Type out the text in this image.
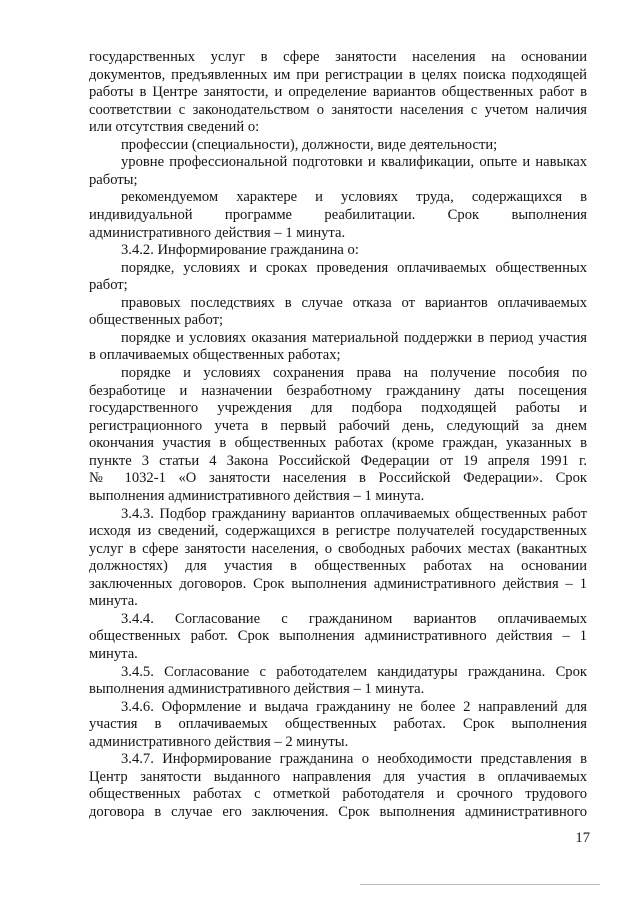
17
государственных услуг в сфере занятости населения на основании
документов, предъявленных им при регистрации в целях поиска подходящей
работы в Центре занятости, и определение вариантов общественных работ в
соответствии с законодательством о занятости населения с учетом наличия
или отсутствия сведений о:
профессии (специальности), должности, виде деятельности;
уровне профессиональной подготовки и квалификации, опыте и навыках
работы;
рекомендуемом характере и условиях труда, содержащихся в
индивидуальной программе реабилитации. Срок выполнения
административного действия – 1 минута.
3.4.2. Информирование гражданина о:
порядке, условиях и сроках проведения оплачиваемых общественных
работ;
правовых последствиях в случае отказа от вариантов оплачиваемых
общественных работ;
порядке и условиях оказания материальной поддержки в период участия
в оплачиваемых общественных работах;
порядке и условиях сохранения права на получение пособия по
безработице и назначении безработному гражданину даты посещения
государственного учреждения для подбора подходящей работы и
регистрационного учета в первый рабочий день, следующий за днем
окончания участия в общественных работах (кроме граждан, указанных в
пункте 3 статьи 4 Закона Российской Федерации от 19 апреля 1991 г.
№ 1032-1 «О занятости населения в Российской Федерации». Срок
выполнения административного действия – 1 минута.
3.4.3. Подбор гражданину вариантов оплачиваемых общественных работ
исходя из сведений, содержащихся в регистре получателей государственных
услуг в сфере занятости населения, о свободных рабочих местах (вакантных
должностях) для участия в общественных работах на основании
заключенных договоров. Срок выполнения административного действия – 1
минута.
3.4.4. Согласование с гражданином вариантов оплачиваемых
общественных работ. Срок выполнения административного действия – 1
минута.
3.4.5. Согласование с работодателем кандидатуры гражданина. Срок
выполнения административного действия – 1 минута.
3.4.6. Оформление и выдача гражданину не более 2 направлений для
участия в оплачиваемых общественных работах. Срок выполнения
административного действия – 2 минуты.
3.4.7. Информирование гражданина о необходимости представления в
Центр занятости выданного направления для участия в оплачиваемых
общественных работах с отметкой работодателя и срочного трудового
договора в случае его заключения. Срок выполнения административного
